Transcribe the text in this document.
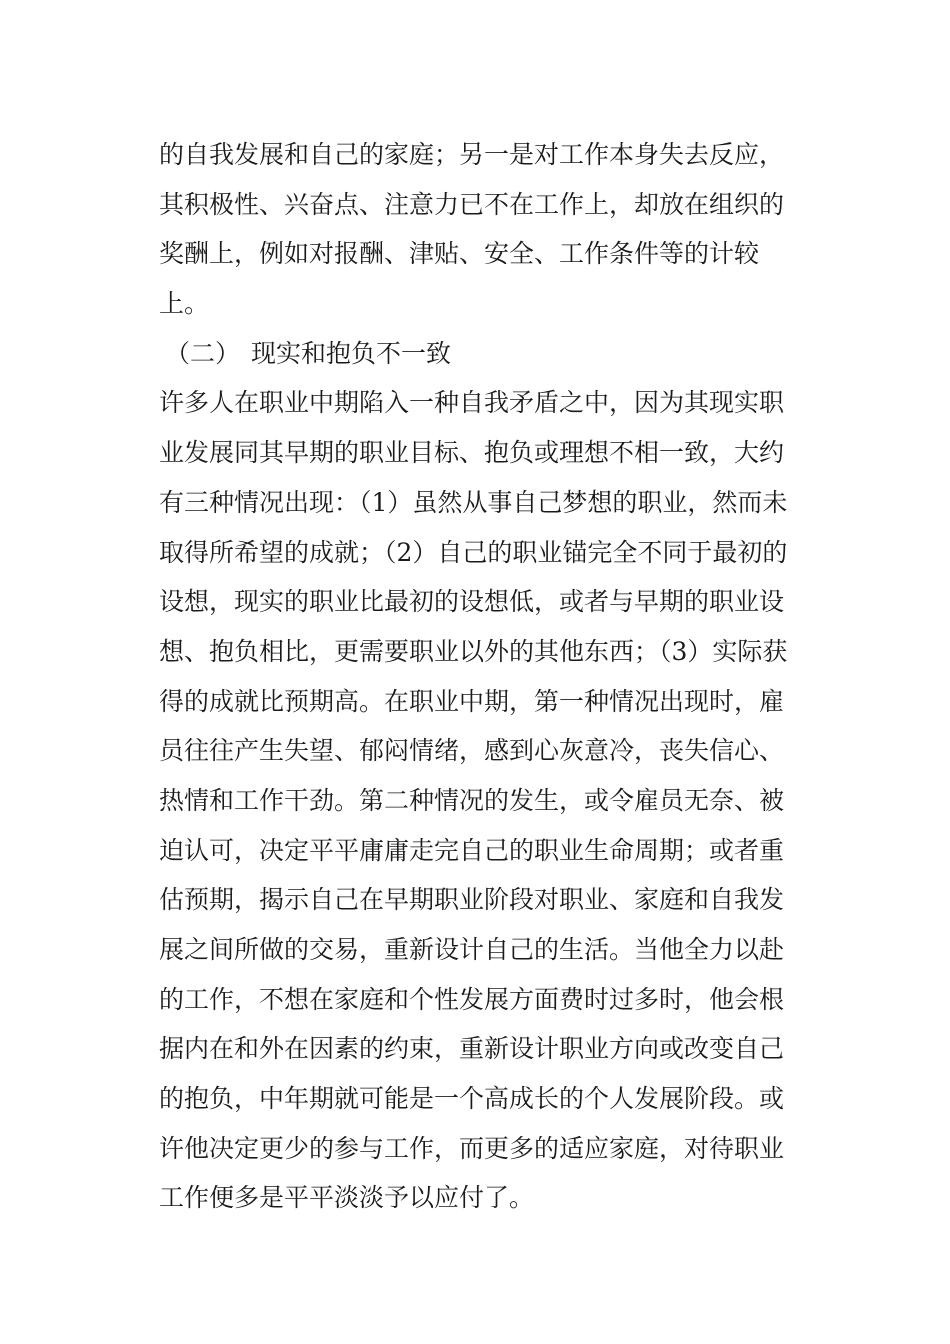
的自我发展和自己的家庭；另一是对工作本身失去反应，
其积极性、兴奋点、注意力已不在工作上，却放在组织的
奖酬上，例如对报酬、津贴、安全、工作条件等的计较
上。
（二） 现实和抱负不一致
许多人在职业中期陷入一种自我矛盾之中，因为其现实职
业发展同其早期的职业目标、抱负或理想不相一致，大约
有三种情况出现：（1）虽然从事自己梦想的职业，然而未
取得所希望的成就；（2）自己的职业锚完全不同于最初的
设想，现实的职业比最初的设想低，或者与早期的职业设
想、抱负相比，更需要职业以外的其他东西；（3）实际获
得的成就比预期高。在职业中期，第一种情况出现时，雇
员往往产生失望、郁闷情绪，感到心灰意冷，丧失信心、
热情和工作干劲。第二种情况的发生，或令雇员无奈、被
迫认可，决定平平庸庸走完自己的职业生命周期；或者重
估预期，揭示自己在早期职业阶段对职业、家庭和自我发
展之间所做的交易，重新设计自己的生活。当他全力以赴
的工作，不想在家庭和个性发展方面费时过多时，他会根
据内在和外在因素的约束，重新设计职业方向或改变自己
的抱负，中年期就可能是一个高成长的个人发展阶段。或
许他决定更少的参与工作，而更多的适应家庭，对待职业
工作便多是平平淡淡予以应付了。
